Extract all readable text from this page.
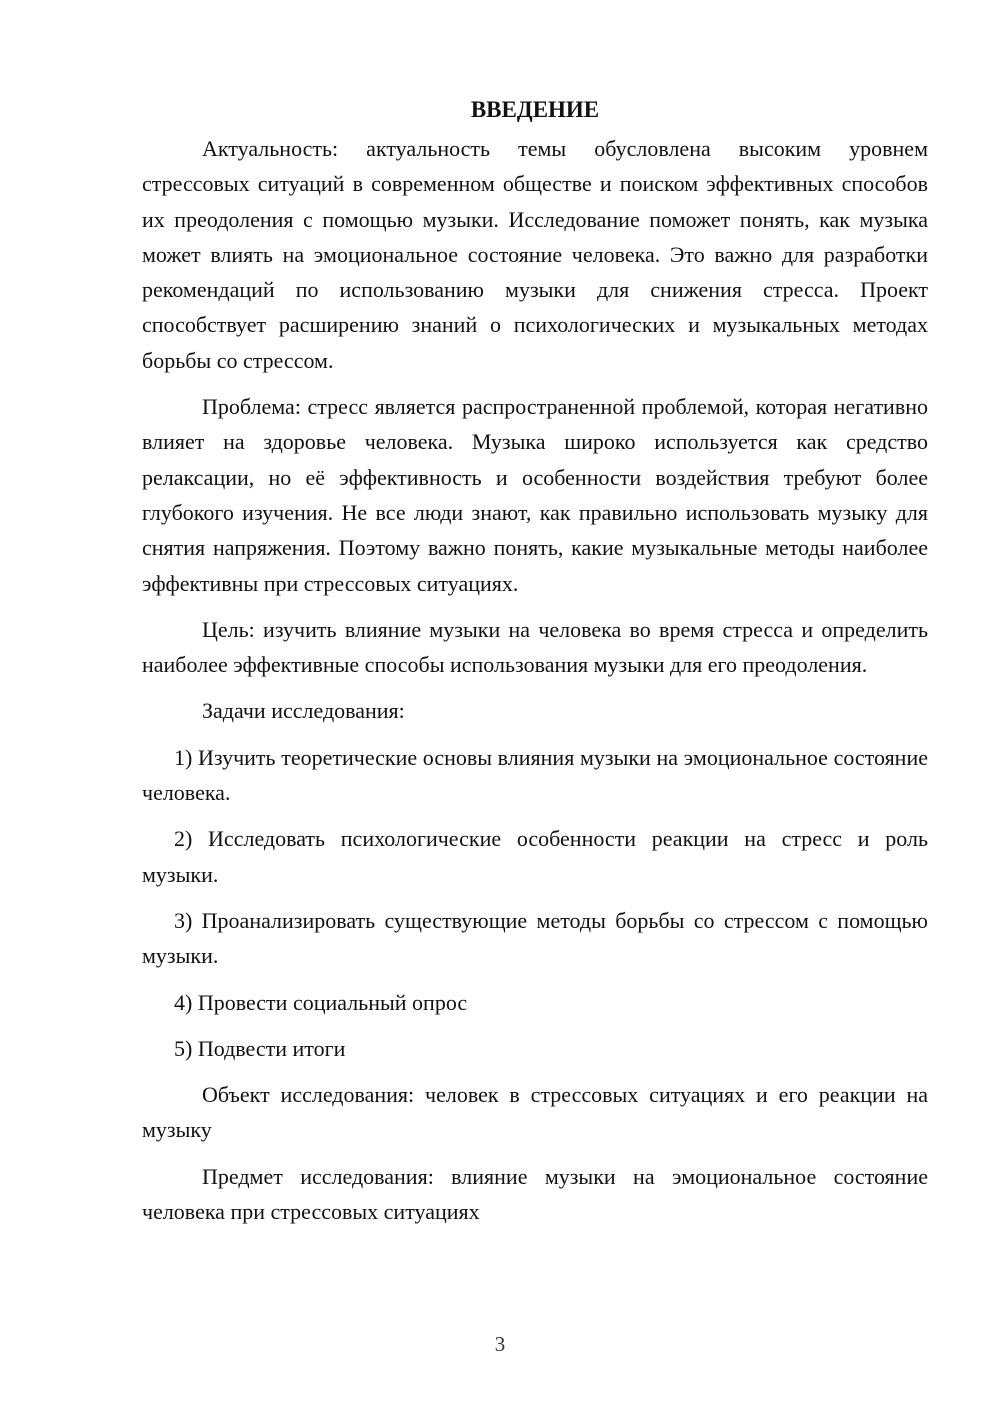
ВВЕДЕНИЕ

Актуальность: актуальность темы обусловлена высоким уровнем стрессовых ситуаций в современном обществе и поиском эффективных способов их преодоления с помощью музыки. Исследование поможет понять, как музыка может влиять на эмоциональное состояние человека. Это важно для разработки рекомендаций по использованию музыки для снижения стресса. Проект способствует расширению знаний о психологических и музыкальных методах борьбы со стрессом.

Проблема: стресс является распространенной проблемой, которая негативно влияет на здоровье человека. Музыка широко используется как средство релаксации, но её эффективность и особенности воздействия требуют более глубокого изучения. Не все люди знают, как правильно использовать музыку для снятия напряжения. Поэтому важно понять, какие музыкальные методы наиболее эффективны при стрессовых ситуациях.

Цель: изучить влияние музыки на человека во время стресса и определить наиболее эффективные способы использования музыки для его преодоления.

Задачи исследования:

1) Изучить теоретические основы влияния музыки на эмоциональное состояние человека.

2) Исследовать психологические особенности реакции на стресс и роль музыки.

3) Проанализировать существующие методы борьбы со стрессом с помощью музыки.

4) Провести социальный опрос

5) Подвести итоги

Объект исследования: человек в стрессовых ситуациях и его реакции на музыку

Предмет исследования: влияние музыки на эмоциональное состояние человека при стрессовых ситуациях

3
